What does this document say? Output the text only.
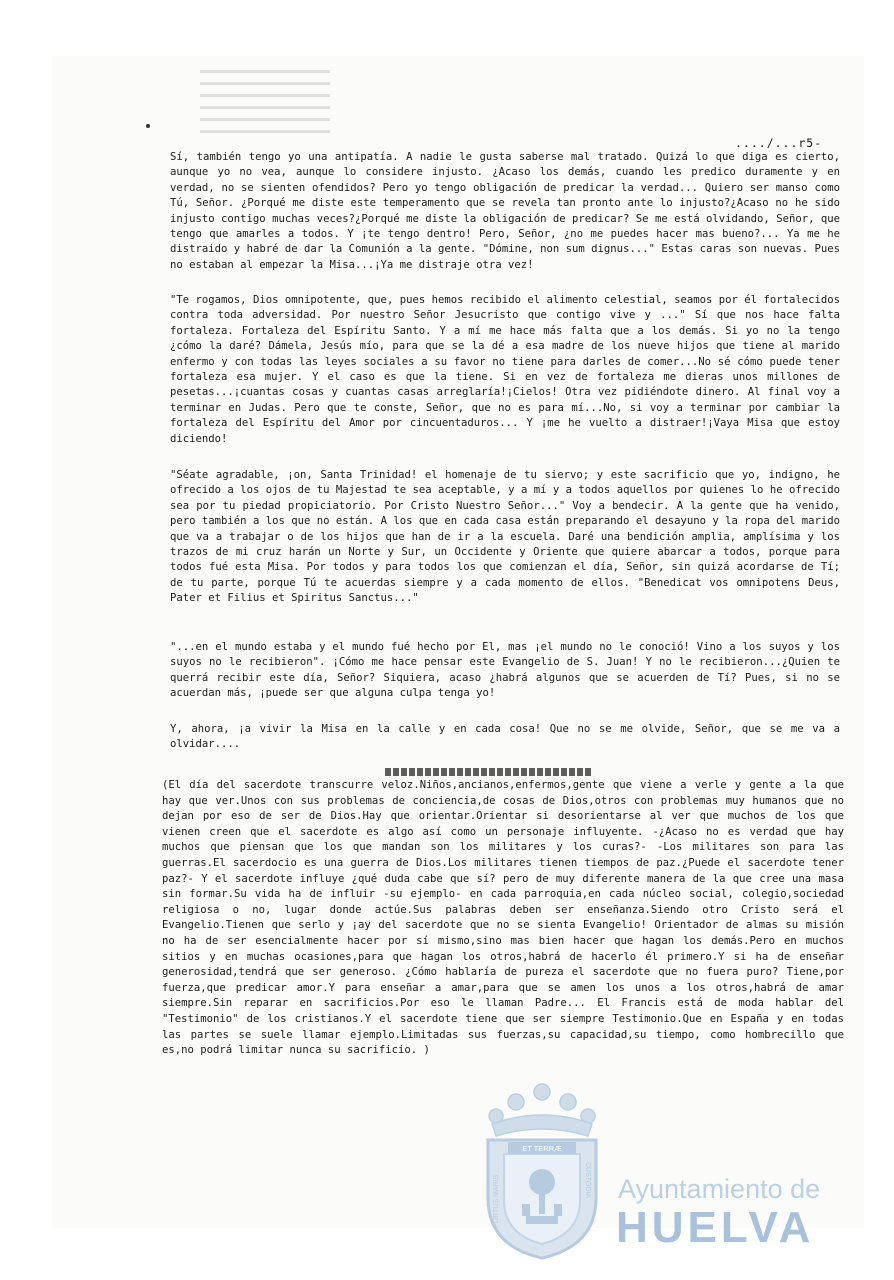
..../...r5-

Sí, también tengo yo una antipatía. A nadie le gusta saberse mal tratado. Quizá lo que diga es cierto, aunque yo no vea, aunque lo considere injusto. ¿Acaso los demás, cuando les predico duramente y en verdad, no se sienten ofendidos? Pero yo tengo obligación de predicar la verdad... Quiero ser manso como Tú, Señor. ¿Porqué me diste este temperamento que se revela tan pronto ante lo injusto?¿Acaso no he sido injusto contigo muchas veces?¿Porqué me diste la obligación de predicar? Se me está olvidando, Señor, que tengo que amarles a todos. Y ¡te tengo dentro! Pero, Señor, ¿no me puedes hacer mas bueno?... Ya me he distraido y habré de dar la Comunión a la gente. "Dómine, non sum dignus..." Estas caras son nuevas. Pues no estaban al empezar la Misa...¡Ya me distraje otra vez!

"Te rogamos, Dios omnipotente, que, pues hemos recibido el alimento celestial, seamos por él fortalecidos contra toda adversidad. Por nuestro Señor Jesucristo que contigo vive y ..." Sí que nos hace falta fortaleza. Fortaleza del Espíritu Santo. Y a mí me hace más falta que a los demás. Si yo no la tengo ¿cómo la daré? Dámela, Jesús mío, para que se la dé a esa madre de los nueve hijos que tiene al marido enfermo y con todas las leyes sociales a su favor no tiene para darles de comer...No sé cómo puede tener fortaleza esa mujer. Y el caso es que la tiene. Si en vez de fortaleza me dieras unos millones de pesetas...¡cuantas cosas y cuantas casas arreglaría!¡Cielos! Otra vez pidiéndote dinero. Al final voy a terminar en Judas. Pero que te conste, Señor, que no es para mí...No, si voy a terminar por cambiar la fortaleza del Espíritu del Amor por cincuentaduros... Y ¡me he vuelto a distraer!¡Vaya Misa que estoy diciendo!

"Séate agradable, ¡on, Santa Trinidad! el homenaje de tu siervo; y este sacrificio que yo, indigno, he ofrecido a los ojos de tu Majestad te sea aceptable, y a mí y a todos aquellos por quienes lo he ofrecido sea por tu piedad propiciatorio. Por Cristo Nuestro Señor..." Voy a bendecir. A la gente que ha venido, pero también a los que no están. A los que en cada casa están preparando el desayuno y la ropa del marido que va a trabajar o de los hijos que han de ir a la escuela. Daré una bendición amplia, amplísima y los trazos de mi cruz harán un Norte y Sur, un Occidente y Oriente que quiere abarcar a todos, porque para todos fué esta Misa. Por todos y para todos los que comienzan el día, Señor, sin quizá acordarse de Tí; de tu parte, porque Tú te acuerdas siempre y a cada momento de ellos. "Benedicat vos omnipotens Deus, Pater et Filius et Spiritus Sanctus..."

"...en el mundo estaba y el mundo fué hecho por El, mas ¡el mundo no le conoció! Vino a los suyos y los suyos no le recibieron". ¡Cómo me hace pensar este Evangelio de S. Juan! Y no le recibieron...¿Quien te querrá recibir este día, Señor? Siquiera, acaso ¿habrá algunos que se acuerden de Tí? Pues, si no se acuerdan más, ¡puede ser que alguna culpa tenga yo!

Y, ahora, ¡a vivir la Misa en la calle y en cada cosa! Que no se me olvide, Señor, que se me va a olvidar....

(El día del sacerdote transcurre veloz.Niños,ancianos,enfermos,gente que viene a verle y gente a la que hay que ver.Unos con sus problemas de conciencia,de cosas de Dios,otros con problemas muy humanos que no dejan por eso de ser de Dios.Hay que orientar.Orientar si desorientarse al ver que muchos de los que vienen creen que el sacerdote es algo así como un personaje influyente. -¿Acaso no es verdad que hay muchos que piensan que los que mandan son los militares y los curas?- -Los militares son para las guerras.El sacerdocio es una guerra de Dios.Los militares tienen tiempos de paz.¿Puede el sacerdote tener paz?- Y el sacerdote influye ¿qué duda cabe que sí? pero de muy diferente manera de la que cree una masa sin formar.Su vida ha de influir -su ejemplo- en cada parroquia,en cada núcleo social, colegio,sociedad religiosa o no, lugar donde actúe.Sus palabras deben ser enseñanza.Siendo otro Cristo será el Evangelio.Tienen que serlo y ¡ay del sacerdote que no se sienta Evangelio! Orientador de almas su misión no ha de ser esencialmente hacer por sí mismo,sino mas bien hacer que hagan los demás.Pero en muchos sitios y en muchas ocasiones,para que hagan los otros,habrá de hacerlo él primero.Y si ha de enseñar generosidad,tendrá que ser generoso. ¿Cómo hablaría de pureza el sacerdote que no fuera puro? Tiene,por fuerza,que predicar amor.Y para enseñar a amar,para que se amen los unos a los otros,habrá de amar siempre.Sin reparar en sacrificios.Por eso le llaman Padre... El Francis está de moda hablar del "Testimonio" de los cristianos.Y el sacerdote tiene que ser siempre Testimonio.Que en España y en todas las partes se suele llamar ejemplo.Limitadas sus fuerzas,su capacidad,su tiempo, como hombrecillo que es,no podrá limitar nunca su sacrificio. )

ET TERRÆ
PORTUS MARIS	CUSTODIA Ayuntamiento de
HUELVA
